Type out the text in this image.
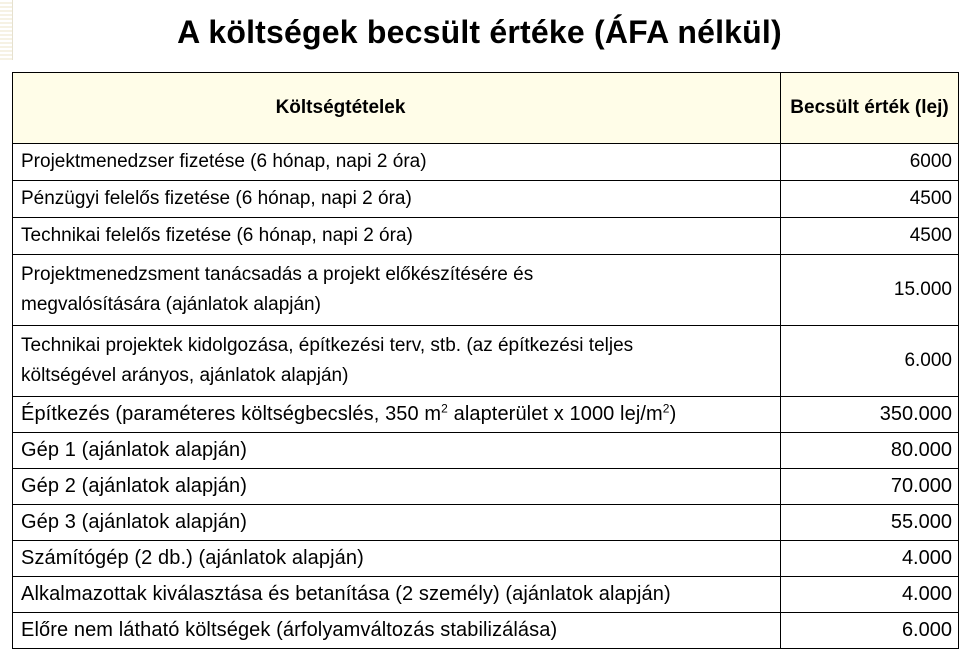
A költségek becsült értéke (ÁFA nélkül)
Költségtételek	Becsült érték (lej)
Projektmenedzser fizetése (6 hónap, napi 2 óra)	6000
Pénzügyi felelős fizetése (6 hónap, napi 2 óra)	4500
Technikai felelős fizetése (6 hónap, napi 2 óra)	4500
Projektmenedzsment tanácsadás a projekt előkészítésére és
megvalósítására (ajánlatok alapján)	15.000
Technikai projektek kidolgozása, építkezési terv, stb. (az építkezési teljes
költségével arányos, ajánlatok alapján)	6.000
Építkezés (paraméteres költségbecslés, 350 $m^2$ alapterület x 1000 lej/$m^2$)	350.000
Gép 1 (ajánlatok alapján)	80.000
Gép 2 (ajánlatok alapján)	70.000
Gép 3 (ajánlatok alapján)	55.000
Számítógép (2 db.) (ajánlatok alapján)	4.000
Alkalmazottak kiválasztása és betanítása (2 személy) (ajánlatok alapján)	4.000
Előre nem látható költségek (árfolyamváltozás stabilizálása)	6.000
